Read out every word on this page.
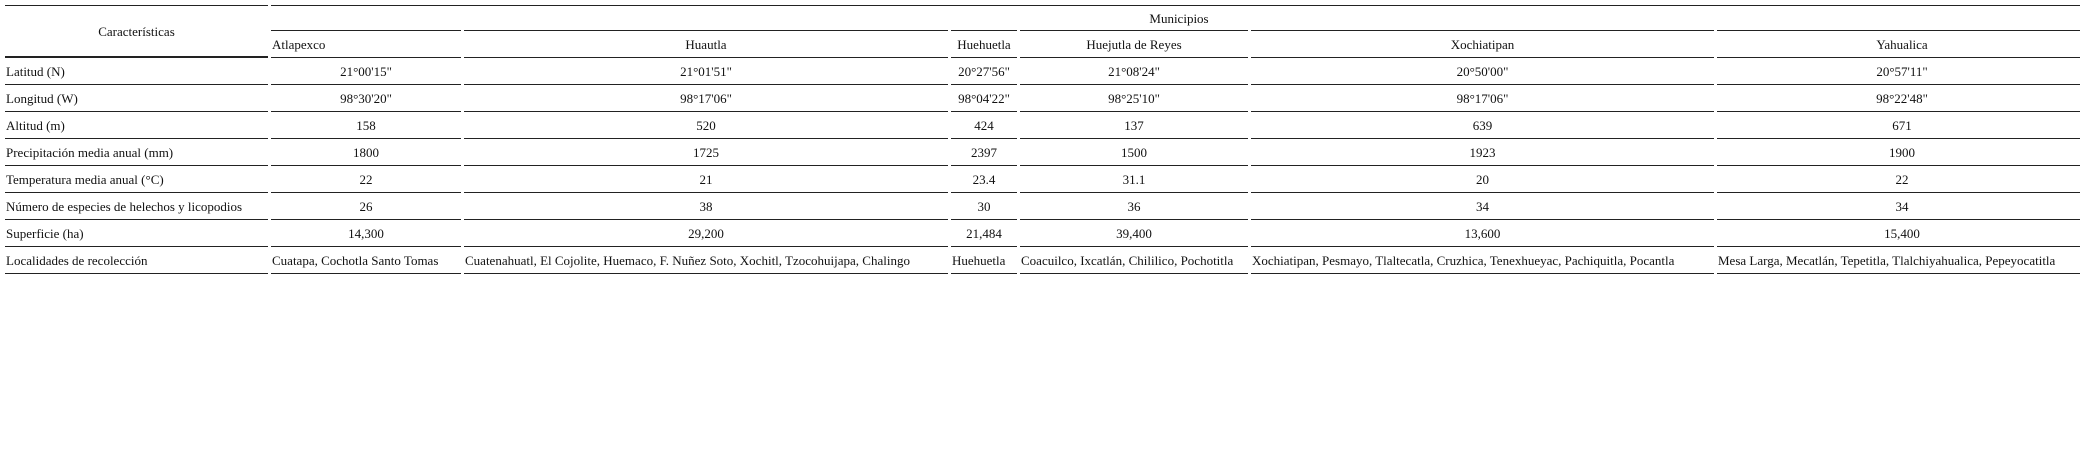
Características	Municipios					
	Atlapexco	Huautla	Huehuetla	Huejutla de Reyes	Xochiatipan	Yahualica
Latitud (N)	21°00'15"	21°01'51"	20°27'56"	21°08'24"	20°50'00"	20°57'11"
Longitud (W)	98°30'20"	98°17'06"	98°04'22"	98°25'10"	98°17'06"	98°22'48"
Altitud (m)	158	520	424	137	639	671
Precipitación media anual (mm)	1800	1725	2397	1500	1923	1900
Temperatura media anual (°C)	22	21	23.4	31.1	20	22
Número de especies de helechos y licopodios	26	38	30	36	34	34
Superficie (ha)	14,300	29,200	21,484	39,400	13,600	15,400
Localidades de recolección	Cuatapa, Cochotla Santo Tomas	Cuatenahuatl, El Cojolite, Huemaco, F. Nuñez Soto, Xochitl, Tzocohuijapa, Chalingo	Huehuetla	Coacuilco, Ixcatlán, Chililico, Pochotitla	Xochiatipan, Pesmayo, Tlaltecatla, Cruzhica, Tenexhueyac, Pachiquitla, Pocantla	Mesa Larga, Mecatlán, Tepetitla, Tlalchiyahualica, Pepeyocatitla
